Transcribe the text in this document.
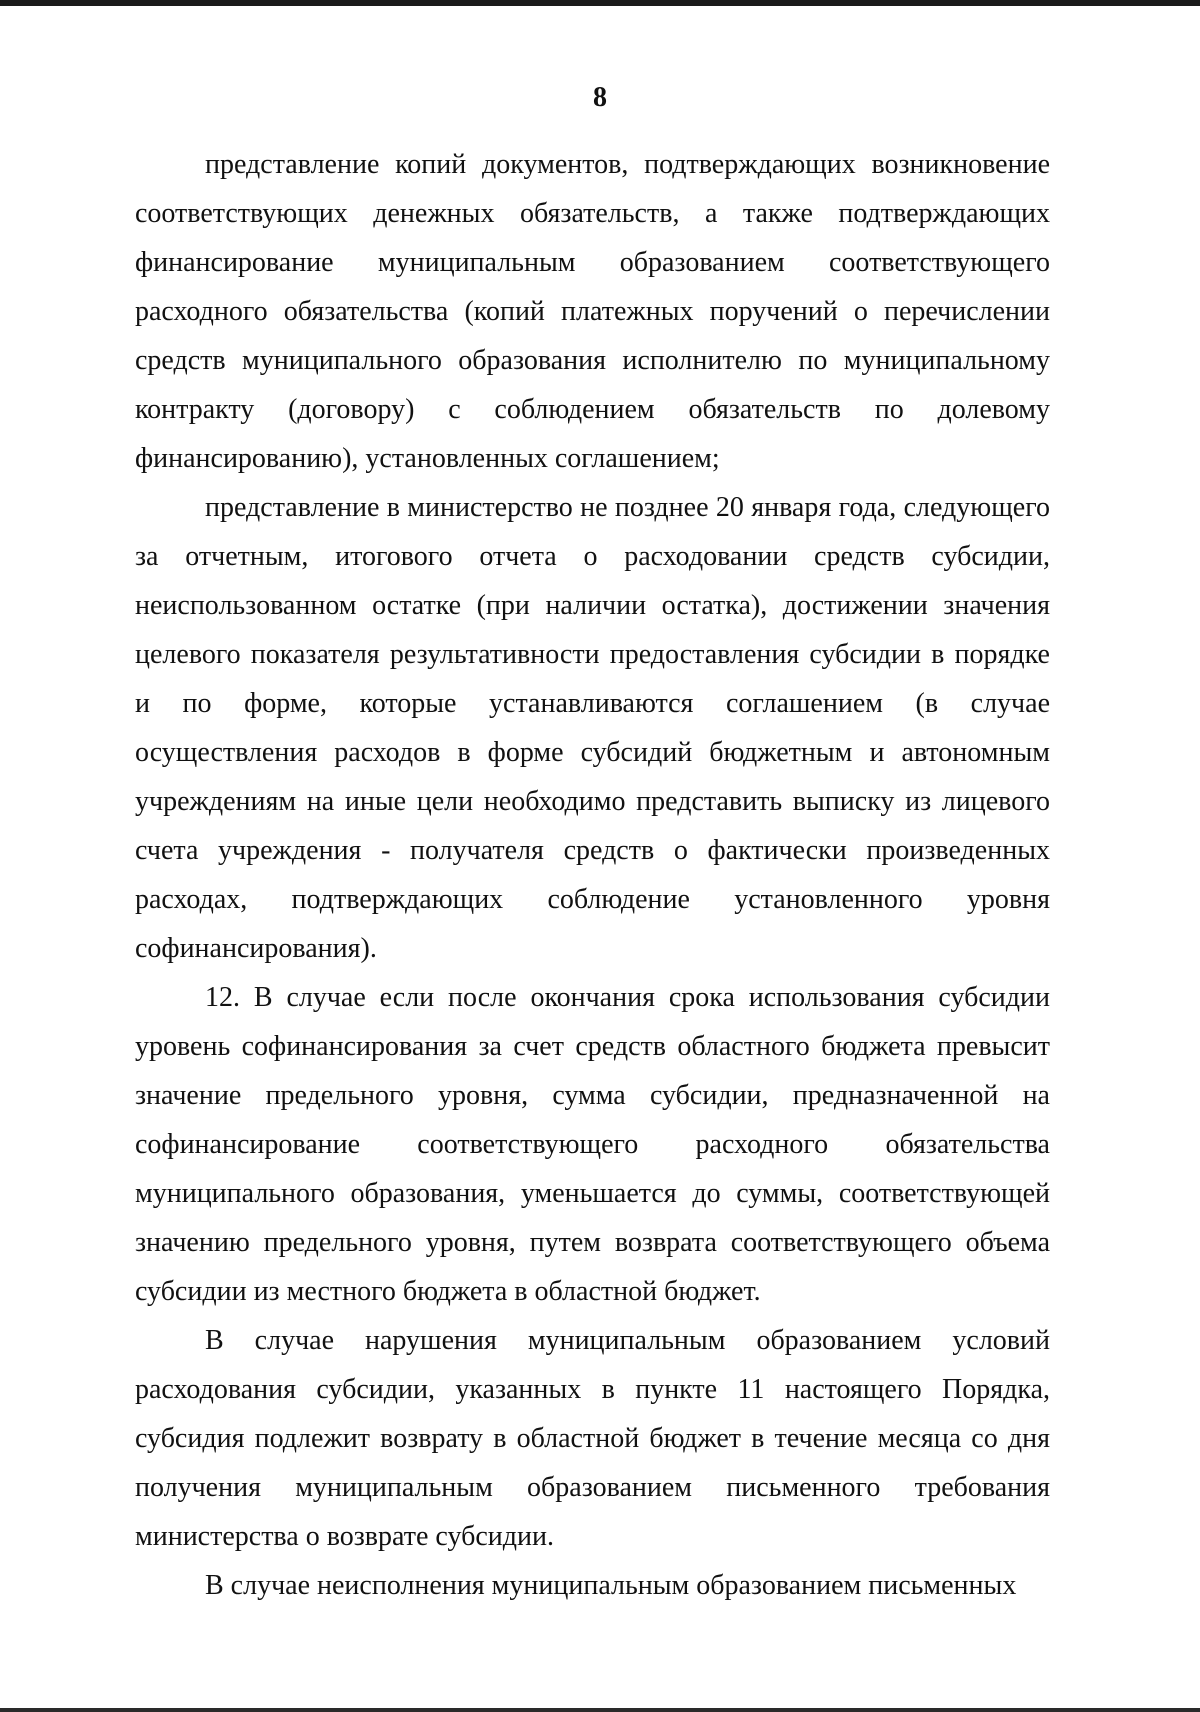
8

представление копий документов, подтверждающих возникновение соответствующих денежных обязательств, а также подтверждающих финансирование муниципальным образованием соответствующего расходного обязательства (копий платежных поручений о перечислении средств муниципального образования исполнителю по муниципальному контракту (договору) с соблюдением обязательств по долевому финансированию), установленных соглашением;

представление в министерство не позднее 20 января года, следующего за отчетным, итогового отчета о расходовании средств субсидии, неиспользованном остатке (при наличии остатка), достижении значения целевого показателя результативности предоставления субсидии в порядке и по форме, которые устанавливаются соглашением (в случае осуществления расходов в форме субсидий бюджетным и автономным учреждениям на иные цели необходимо представить выписку из лицевого счета учреждения - получателя средств о фактически произведенных расходах, подтверждающих соблюдение установленного уровня софинансирования).

12. В случае если после окончания срока использования субсидии уровень софинансирования за счет средств областного бюджета превысит значение предельного уровня, сумма субсидии, предназначенной на софинансирование соответствующего расходного обязательства муниципального образования, уменьшается до суммы, соответствующей значению предельного уровня, путем возврата соответствующего объема субсидии из местного бюджета в областной бюджет.

В случае нарушения муниципальным образованием условий расходования субсидии, указанных в пункте 11 настоящего Порядка, субсидия подлежит возврату в областной бюджет в течение месяца со дня получения муниципальным образованием письменного требования министерства о возврате субсидии.

В случае неисполнения муниципальным образованием письменных
